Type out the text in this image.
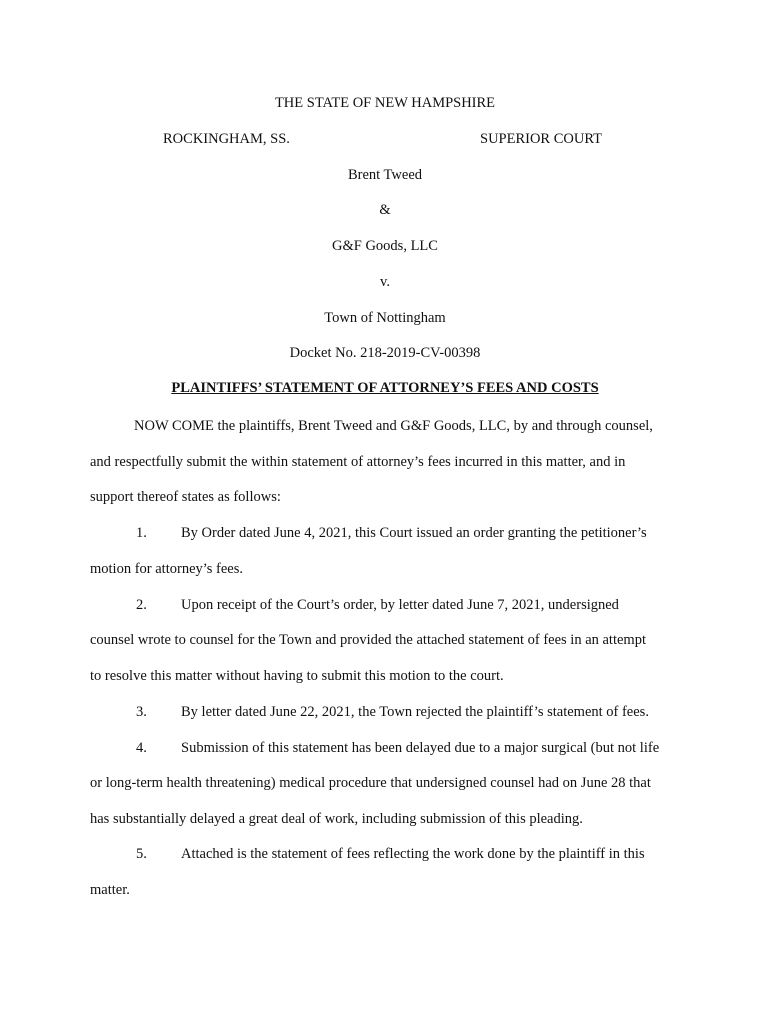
THE STATE OF NEW HAMPSHIRE
ROCKINGHAM, SS.	SUPERIOR COURT
Brent Tweed
&
G&F Goods, LLC
v.
Town of Nottingham
Docket No. 218-2019-CV-00398
PLAINTIFFS’ STATEMENT OF ATTORNEY’S FEES AND COSTS
NOW COME the plaintiffs, Brent Tweed and G&F Goods, LLC, by and through counsel,
and respectfully submit the within statement of attorney’s fees incurred in this matter, and in
support thereof states as follows:
1. By Order dated June 4, 2021, this Court issued an order granting the petitioner’s
motion for attorney’s fees.
2. Upon receipt of the Court’s order, by letter dated June 7, 2021, undersigned
counsel wrote to counsel for the Town and provided the attached statement of fees in an attempt
to resolve this matter without having to submit this motion to the court.
3. By letter dated June 22, 2021, the Town rejected the plaintiff’s statement of fees.
4. Submission of this statement has been delayed due to a major surgical (but not life
or long-term health threatening) medical procedure that undersigned counsel had on June 28 that
has substantially delayed a great deal of work, including submission of this pleading.
5. Attached is the statement of fees reflecting the work done by the plaintiff in this
matter.
